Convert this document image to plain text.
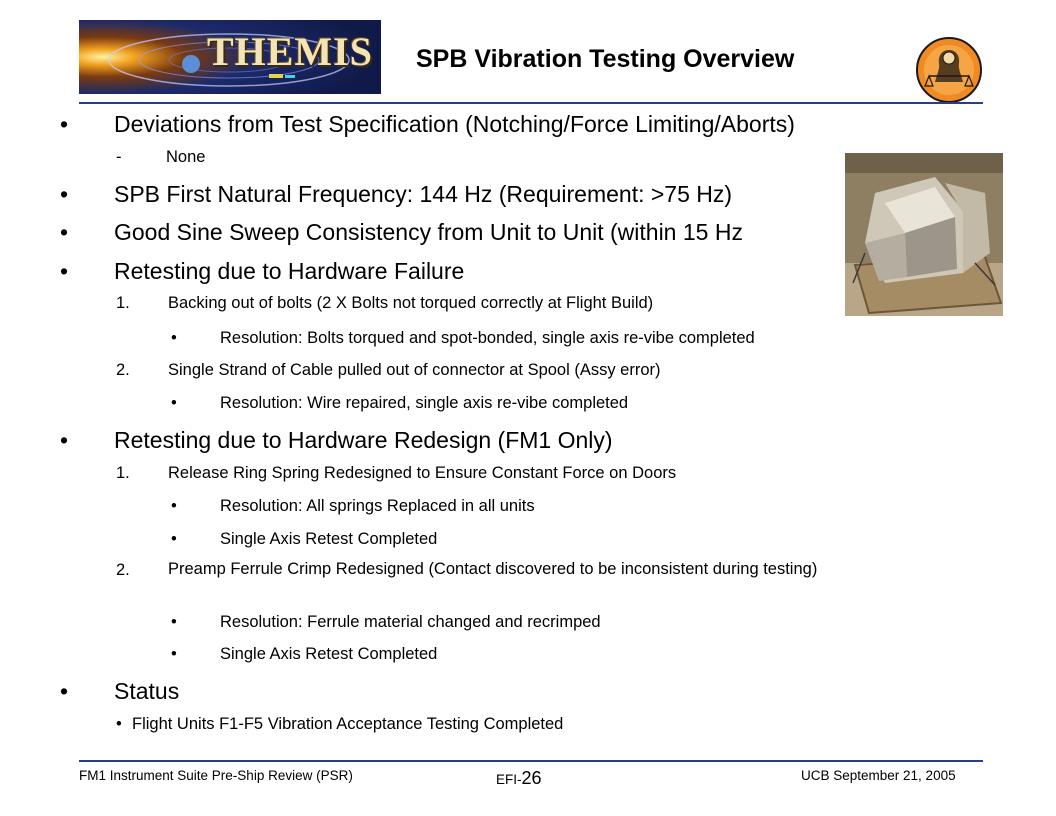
THEMIS SPB Vibration Testing Overview
• Deviations from Test Specification (Notching/Force Limiting/Aborts)
-	None
• SPB First Natural Frequency: 144 Hz (Requirement: >75 Hz)
• Good Sine Sweep Consistency from Unit to Unit (within 15 Hz
• Retesting due to Hardware Failure
1. Backing out of bolts (2 X Bolts not torqued correctly at Flight Build)
•	Resolution: Bolts torqued and spot-bonded, single axis re-vibe completed
2. Single Strand of Cable pulled out of connector at Spool (Assy error)
•	Resolution: Wire repaired, single axis re-vibe completed
• Retesting due to Hardware Redesign (FM1 Only)
1. Release Ring Spring Redesigned to Ensure Constant Force on Doors
•	Resolution: All springs Replaced in all units
•	Single Axis Retest Completed
2. Preamp Ferrule Crimp Redesigned (Contact discovered to be inconsistent during testing)
•	Resolution: Ferrule material changed and recrimped
•	Single Axis Retest Completed
• Status
• Flight Units F1-F5 Vibration Acceptance Testing Completed
FM1 Instrument Suite Pre-Ship Review (PSR)	EFI-26	UCB September 21, 2005
